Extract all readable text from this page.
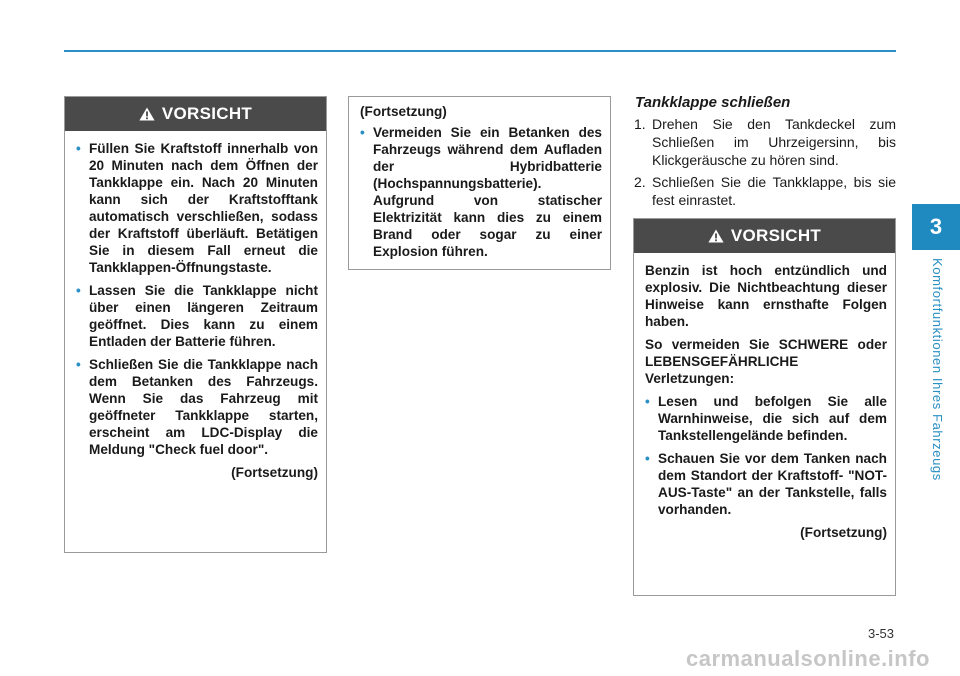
3
Komfortfunktionen Ihres Fahrzeugs
VORSICHT
• Füllen Sie Kraftstoff innerhalb von 20 Minuten nach dem Öffnen der Tankklappe ein. Nach 20 Minuten kann sich der Kraftstofftank automatisch verschließen, sodass der Kraftstoff überläuft. Betätigen Sie in diesem Fall erneut die Tankklappen-Öffnungstaste.
• Lassen Sie die Tankklappe nicht über einen längeren Zeitraum geöffnet. Dies kann zu einem Entladen der Batterie führen.
• Schließen Sie die Tankklappe nach dem Betanken des Fahrzeugs. Wenn Sie das Fahrzeug mit geöffneter Tankklappe starten, erscheint am LDC-Display die Meldung "Check fuel door".
(Fortsetzung)
(Fortsetzung)
• Vermeiden Sie ein Betanken des Fahrzeugs während dem Aufladen der Hybridbatterie (Hochspannungsbatterie). Aufgrund von statischer Elektrizität kann dies zu einem Brand oder sogar zu einer Explosion führen.
Tankklappe schließen
1. Drehen Sie den Tankdeckel zum Schließen im Uhrzeigersinn, bis Klickgeräusche zu hören sind.
2. Schließen Sie die Tankklappe, bis sie fest einrastet.
VORSICHT

Benzin ist hoch entzündlich und explosiv. Die Nichtbeachtung dieser Hinweise kann ernsthafte Folgen haben.

So vermeiden Sie SCHWERE oder LEBENSGEFÄHRLICHE Verletzungen:

• Lesen und befolgen Sie alle Warnhinweise, die sich auf dem Tankstellengelände befinden.
• Schauen Sie vor dem Tanken nach dem Standort der Kraftstoff- "NOT-AUS-Taste" an der Tankstelle, falls vorhanden.
(Fortsetzung)
3-53
carmanualsonline.info
